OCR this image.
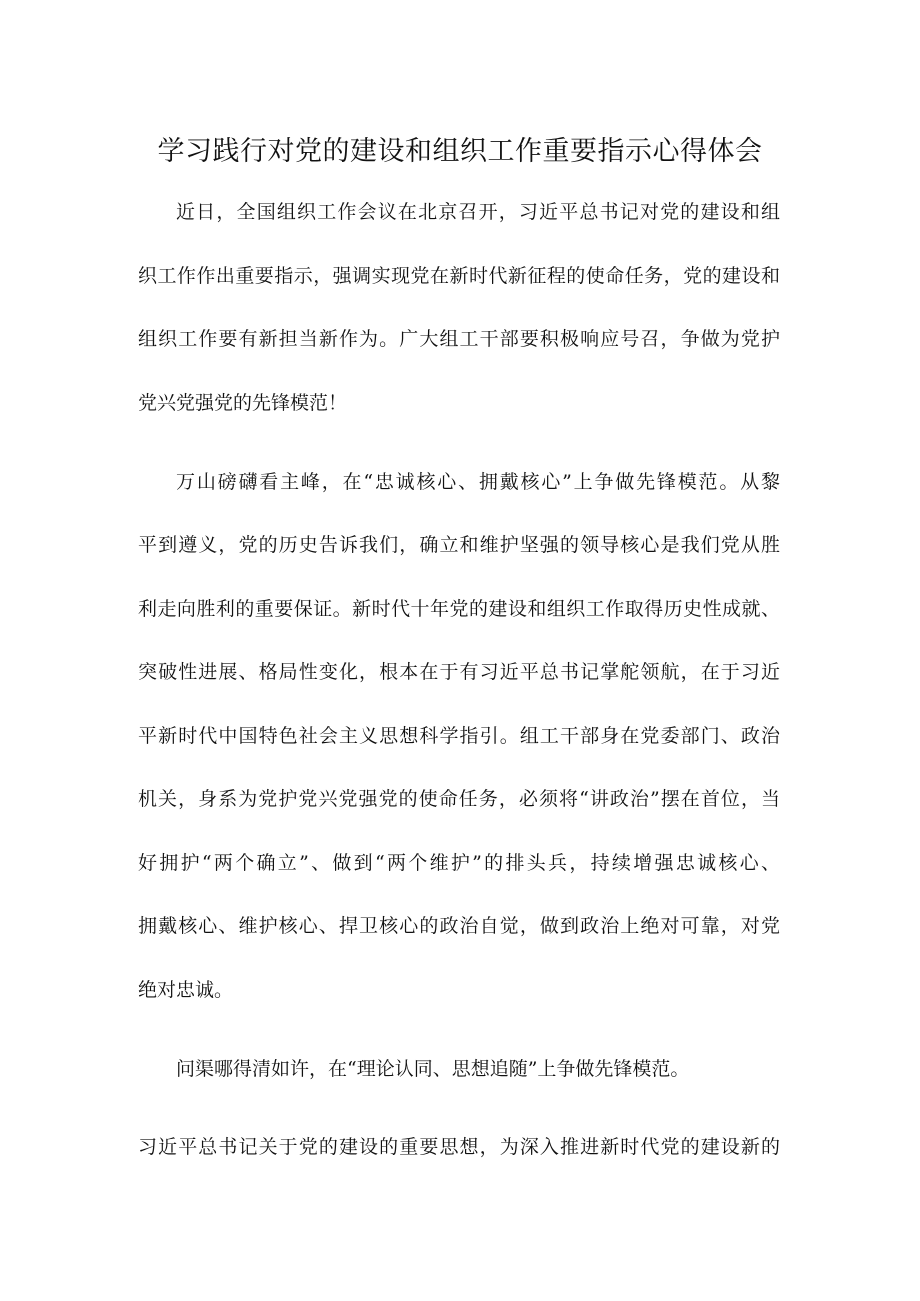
学习践行对党的建设和组织工作重要指示心得体会
近日，全国组织工作会议在北京召开，习近平总书记对党的建设和组
织工作作出重要指示，强调实现党在新时代新征程的使命任务，党的建设和
组织工作要有新担当新作为。广大组工干部要积极响应号召，争做为党护
党兴党强党的先锋模范！
万山磅礴看主峰，在“忠诚核心、拥戴核心”上争做先锋模范。从黎
平到遵义，党的历史告诉我们，确立和维护坚强的领导核心是我们党从胜
利走向胜利的重要保证。新时代十年党的建设和组织工作取得历史性成就、
突破性进展、格局性变化，根本在于有习近平总书记掌舵领航，在于习近
平新时代中国特色社会主义思想科学指引。组工干部身在党委部门、政治
机关，身系为党护党兴党强党的使命任务，必须将“讲政治”摆在首位，当
好拥护“两个确立”、做到“两个维护”的排头兵，持续增强忠诚核心、
拥戴核心、维护核心、捍卫核心的政治自觉，做到政治上绝对可靠，对党
绝对忠诚。
问渠哪得清如许，在“理论认同、思想追随”上争做先锋模范。
习近平总书记关于党的建设的重要思想，为深入推进新时代党的建设新的
